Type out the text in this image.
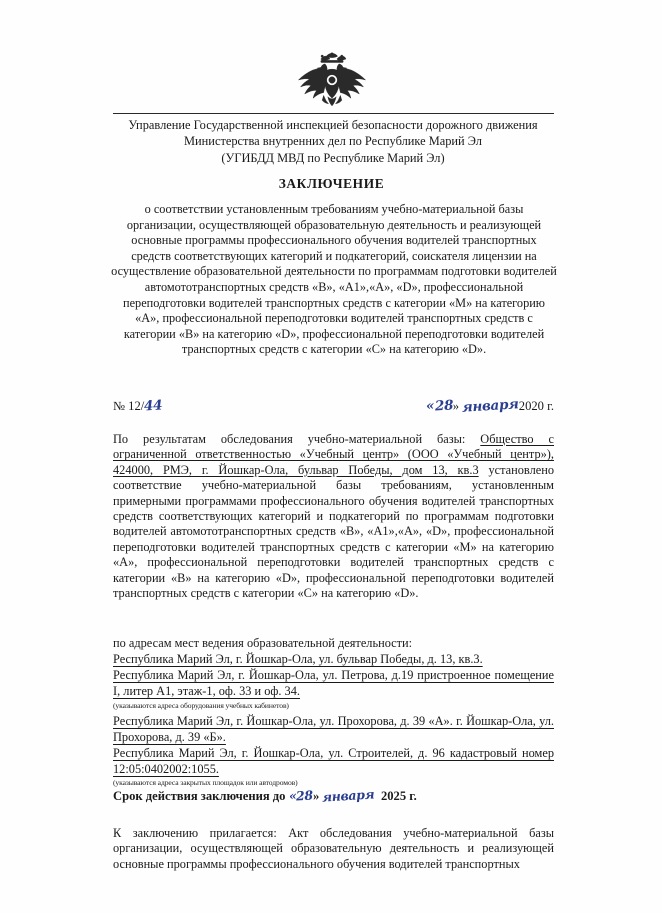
Управление Государственной инспекцией безопасности дорожного движения
Министерства внутренних дел по Республике Марий Эл
(УГИБДД МВД по Республике Марий Эл)
ЗАКЛЮЧЕНИЕ
о соответствии установленным требованиям учебно-материальной базы организации, осуществляющей образовательную деятельность и реализующей основные программы профессионального обучения водителей транспортных средств соответствующих категорий и подкатегорий, соискателя лицензии на осуществление образовательной деятельности по программам подготовки водителей автомототранспортных средств «В», «А1»,«А», «D», профессиональной переподготовки водителей транспортных средств с категории «М» на категорию «А», профессиональной переподготовки водителей транспортных средств с категории «В» на категорию «D», профессиональной переподготовки водителей транспортных средств с категории «С» на категорию «D».
№ 12/44	«28» января2020 г.
По результатам обследования учебно-материальной базы: Общество с ограниченной ответственностью «Учебный центр» (ООО «Учебный центр»), 424000, РМЭ, г. Йошкар-Ола, бульвар Победы, дом 13, кв.3 установлено соответствие учебно-материальной базы требованиям, установленным примерными программами профессионального обучения водителей транспортных средств соответствующих категорий и подкатегорий по программам подготовки водителей автомототранспортных средств «В», «А1»,«А», «D», профессиональной переподготовки водителей транспортных средств с категории «М» на категорию «А», профессиональной переподготовки водителей транспортных средств с категории «В» на категорию «D», профессиональной переподготовки водителей транспортных средств с категории «С» на категорию «D».
по адресам мест ведения образовательной деятельности:
Республика Марий Эл, г. Йошкар-Ола, ул. бульвар Победы, д. 13, кв.3.
Республика Марий Эл, г. Йошкар-Ола, ул. Петрова, д.19 пристроенное помещение I, литер А1, этаж-1, оф. 33 и оф. 34.
(указываются адреса оборудования учебных кабинетов)
Республика Марий Эл, г. Йошкар-Ола, ул. Прохорова, д. 39 «А». г. Йошкар-Ола, ул. Прохорова, д. 39 «Б».
Республика Марий Эл, г. Йошкар-Ола, ул. Строителей, д. 96 кадастровый номер 12:05:0402002:1055.
(указываются адреса закрытых площадок или автодромов)
Срок действия заключения до «28» января 2025 г.
К заключению прилагается: Акт обследования учебно-материальной базы организации, осуществляющей образовательную деятельность и реализующей основные программы профессионального обучения водителей транспортных
